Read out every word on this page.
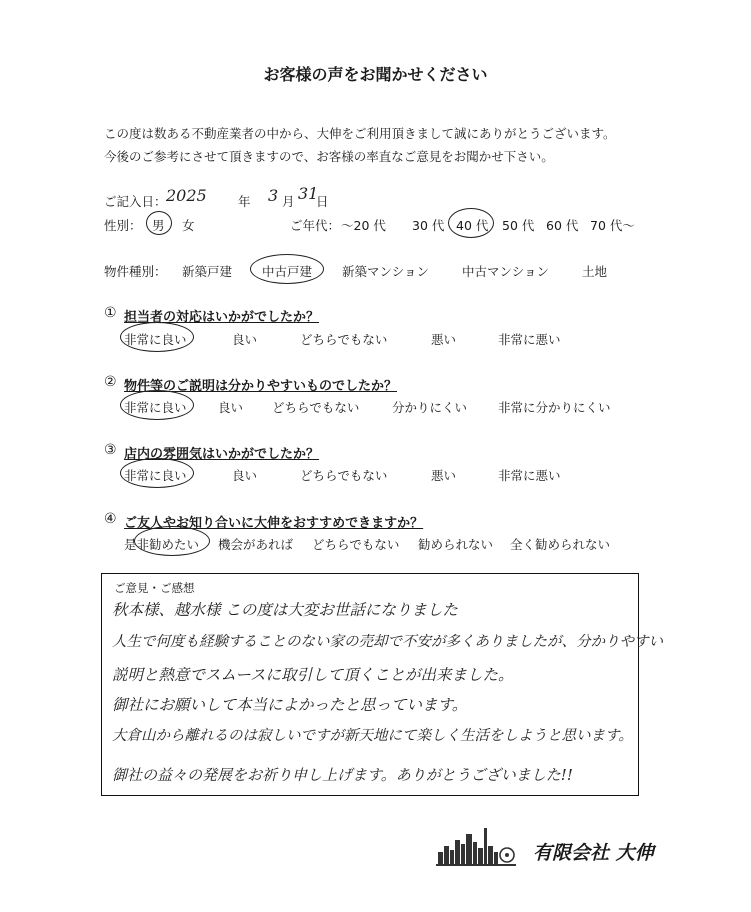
お客様の声をお聞かせください
この度は数ある不動産業者の中から、大伸をご利用頂きまして誠にありがとうございます。
今後のご参考にさせて頂きますので、お客様の率直なご意見をお聞かせ下さい。
ご記入日： 2025	年 3 月 31
日
性別： 男 女	ご年代： ～20 代 30 代 40 代 50 代 60 代 70 代～
物件種別： 新築戸建 中古戸建 新築マンション	中古マンション	土地
① 担当者の対応はいかがでしたか？
非常に良い	良い	どちらでもない	悪い	非常に悪い
② 物件等のご説明は分かりやすいものでしたか？
非常に良い	良い どちらでもない	分かりにくい 非常に分かりにくい
③ 店内の雰囲気はいかがでしたか？
非常に良い	良い	どちらでもない	悪い	非常に悪い
④ ご友人やお知り合いに大伸をおすすめできますか？
是非勧めたい 機会があれば どちらでもない 勧められない 全く勧められない
ご意見・ご感想
秋本様、越水様 この度は大変お世話になりました
人生で何度も経験することのない家の売却で不安が多くありましたが、分かりやすい
説明と熱意でスムースに取引して頂くことが出来ました。
御社にお願いして本当によかったと思っています。
大倉山から離れるのは寂しいですが新天地にて楽しく生活をしようと思います。
御社の益々の発展をお祈り申し上げます。ありがとうございました!!
有限会社 大伸
